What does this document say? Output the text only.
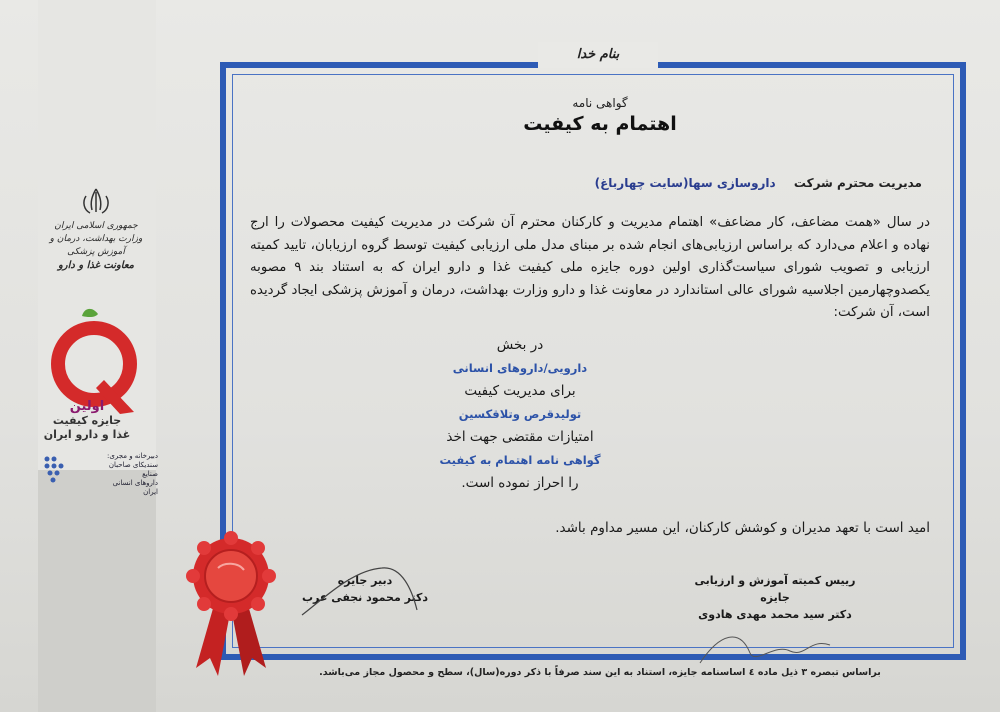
بنام خدا
گواهی نامه
اهتمام به کیفیت
مدیریت محترم شرکت داروسازی سها(سایت چهارباغ)
در سال «همت مضاعف، کار مضاعف» اهتمام مدیریت و کارکنان محترم آن شرکت در مدیریت کیفیت محصولات را ارج نهاده و اعلام می‌دارد که براساس ارزیابی‌های انجام شده بر مبنای مدل ملی ارزیابی کیفیت توسط گروه ارزیابان، تایید کمیته ارزیابی و تصویب شورای سیاست‌گذاری اولین دوره جایزه ملی کیفیت غذا و دارو ایران که به استناد بند ۹ مصوبه یکصدوچهارمین اجلاسیه شورای عالی استاندارد در معاونت غذا و دارو وزارت بهداشت، درمان و آموزش پزشکی ایجاد گردیده است، آن شرکت:
در بخش
دارویی/داروهای انسانی
برای مدیریت کیفیت
تولیدقرص وتلاقکسین
امتیازات مقتضی جهت اخذ
گواهی نامه اهتمام به کیفیت
را احراز نموده است.
امید است با تعهد مدیران و کوشش کارکنان، این مسیر مداوم باشد.
رییس کمیته آموزش و ارزیابی جایزه
دکتر سید محمد مهدی هادوی
دبیر جایزه
دکتر محمود نجفی عرب
براساس تبصره ۳ ذیل ماده ٤ اساسنامه جایزه، استناد به این سند صرفاً با ذکر دوره(سال)، سطح و محصول مجاز می‌باشد.
جمهوری اسلامی ایران
وزارت بهداشت، درمان و آموزش پزشکی
معاونت غذا و دارو
اولین
جایزه کیفیت
غذا و دارو ایران
دبیرخانه و مجری:
سندیکای صاحبان صنایع
داروهای انسانی ایران
